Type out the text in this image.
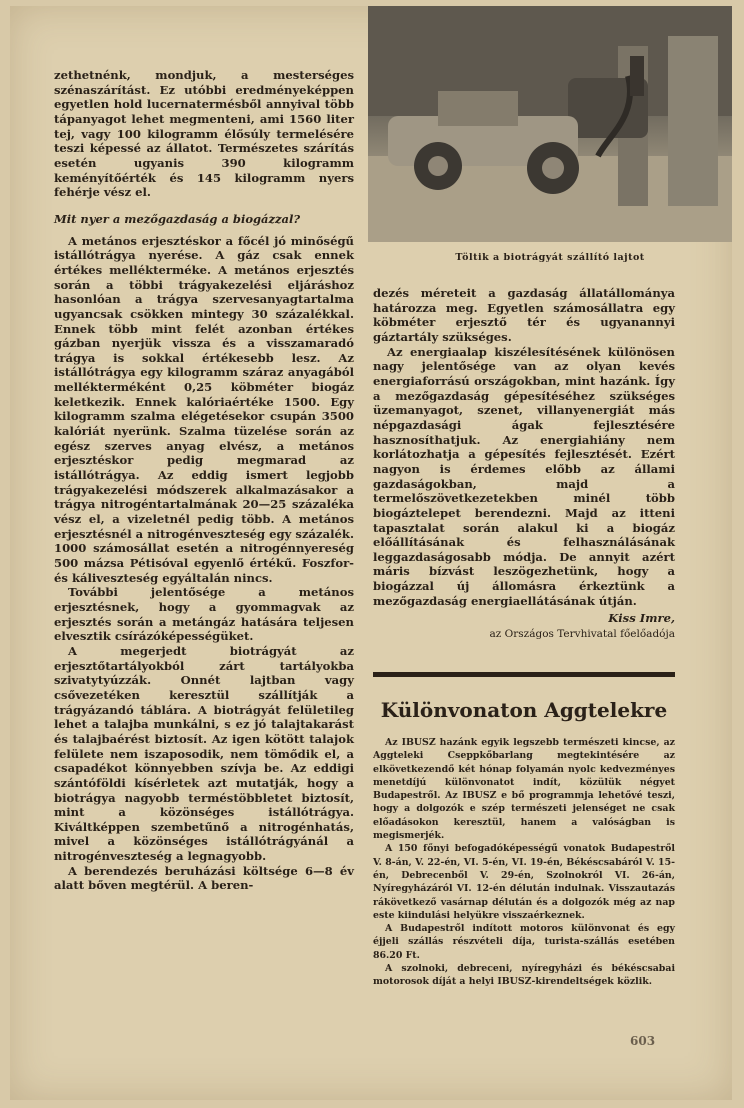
zethetnénk, mondjuk, a mesterséges szénaszárítást. Ez utóbbi eredményeképpen egyetlen hold lucernatermésből annyival több tápanyagot lehet megmenteni, ami 1560 liter tej, vagy 100 kilogramm élősúly termelésére teszi képessé az állatot. Természetes szárítás esetén ugyanis 390 kilogramm keményítőérték és 145 kilogramm nyers fehérje vész el.

Mit nyer a mezőgazdaság a biogázzal?

A metános erjesztéskor a főcél jó minőségű istállótrágya nyerése. A gáz csak ennek értékes mellékterméke. A metános erjesztés során a többi trágyakezelési eljáráshoz hasonlóan a trágya szervesanyagtartalma ugyancsak csökken mintegy 30 százalékkal. Ennek több mint felét azonban értékes gázban nyerjük vissza és a visszamaradó trágya is sokkal értékesebb lesz. Az istállótrágya egy kilogramm száraz anyagából mellékterméként 0,25 köbméter biogáz keletkezik. Ennek kalóriaértéke 1500. Egy kilogramm szalma elégetésekor csupán 3500 kalóriát nyerünk. Szalma tüzelése során az egész szerves anyag elvész, a metános erjesztéskor pedig megmarad az istállótrágya. Az eddig ismert legjobb trágyakezelési módszerek alkalmazásakor a trágya nitrogéntartalmának 20—25 százaléka vész el, a vizeletnél pedig több. A metános erjesztésnél a nitrogénveszteség egy százalék. 1000 számosállat esetén a nitrogénnyereség 500 mázsa Pétisóval egyenlő értékű. Foszfor- és káliveszteség egyáltalán nincs.

További jelentősége a metános erjesztésnek, hogy a gyommagvak az erjesztés során a metángáz hatására teljesen elvesztik csírázóképességüket.

A megerjedt biotrágyát az erjesztőtartályokból zárt tartályokba szivatytyúzzák. Onnét lajtban vagy csővezetéken keresztül szállítják a trágyázandó táblára. A biotrágyát felületileg lehet a talajba munkálni, s ez jó talajtakarást és talajbaérést biztosít. Az igen kötött talajok felülete nem iszaposodik, nem tömődik el, a csapadékot könnyebben szívja be. Az eddigi szántóföldi kísérletek azt mutatják, hogy a biotrágya nagyobb terméstöbbletet biztosít, mint a közönséges istállótrágya. Kiváltképpen szembetűnő a nitrogénhatás, mivel a közönséges istállótrágyánál a nitrogénveszteség a legnagyobb.

A berendezés beruházási költsége 6—8 év alatt bőven megtérül. A beren-

Töltik a biotrágyát szállító lajtot

dezés méreteit a gazdaság állatállománya határozza meg. Egyetlen számosállatra egy köbméter erjesztő tér és ugyanannyi gáztartály szükséges.

Az energiaalap kiszélesítésének különösen nagy jelentősége van az olyan kevés energiaforrású országokban, mint hazánk. Így a mezőgazdaság gépesítéséhez szükséges üzemanyagot, szenet, villanyenergiát más népgazdasági ágak fejlesztésére hasznosíthatjuk. Az energiahiány nem korlátozhatja a gépesítés fejlesztését. Ezért nagyon is érdemes előbb az állami gazdaságokban, majd a termelőszövetkezetekben minél több biogáztelepet berendezni. Majd az itteni tapasztalat során alakul ki a biogáz előállításának és felhasználásának leggazdaságosabb módja. De annyit azért máris bízvást leszögezhetünk, hogy a biogázzal új állomásra érkeztünk a mezőgazdaság energiaellátásának útján.

Kiss Imre,
az Országos Tervhivatal főelőadója
Különvonaton Aggtelekre

Az IBUSZ hazánk egyik legszebb természeti kincse, az Aggteleki Cseppkőbarlang megtekintésére az elkövetkezendő két hónap folyamán nyolc kedvezményes menetdíjú különvonatot indít, közülük négyet Budapestről. Az IBUSZ e bő programmja lehetővé teszi, hogy a dolgozók e szép természeti jelenséget ne csak előadásokon keresztül, hanem a valóságban is megismerjék.

A 150 főnyi befogadóképességű vonatok Budapestről V. 8-án, V. 22-én, VI. 5-én, VI. 19-én, Békéscsabáról V. 15-én, Debrecenből V. 29-én, Szolnokról VI. 26-án, Nyíregyházáról VI. 12-én délután indulnak. Visszautazás rákövetkező vasárnap délután és a dolgozók még az nap este kiindulási helyükre visszaérkeznek.

A Budapestről indított motoros különvonat és egy éjjeli szállás részvételi díja, turista-szállás esetében 86.20 Ft.

A szolnoki, debreceni, nyíregyházi és békéscsabai motorosok díját a helyi IBUSZ-kirendeltségek közlik.

603
